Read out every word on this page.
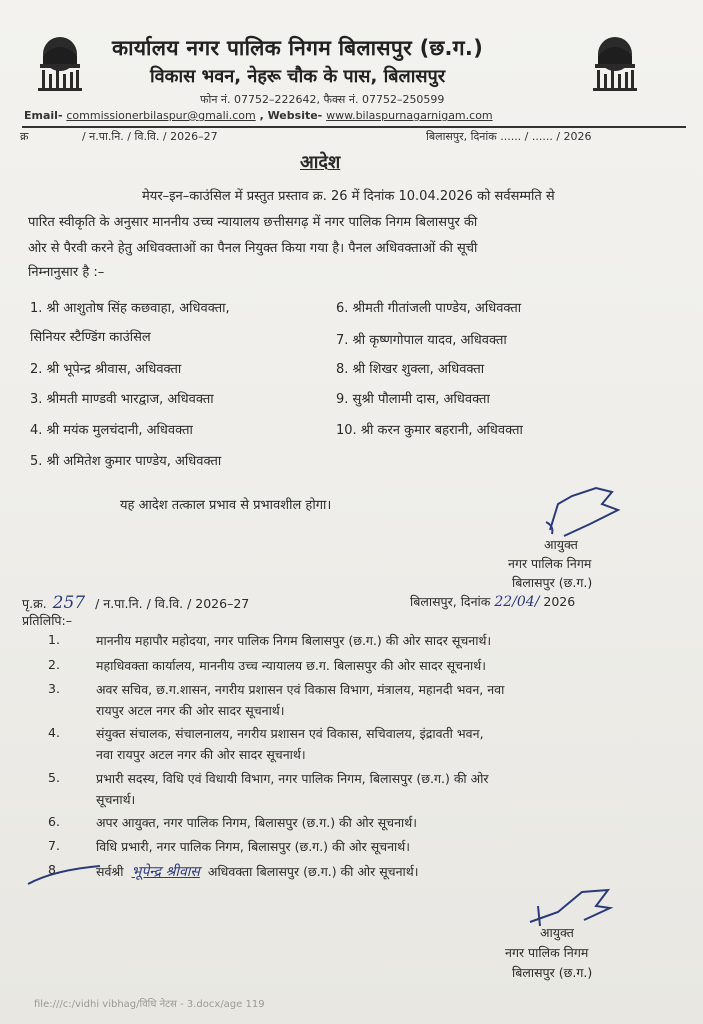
कार्यालय नगर पालिक निगम बिलासपुर (छ.ग.)
विकास भवन, नेहरू चौक के पास, बिलासपुर
फोन नं. 07752–222642, फैक्स नं. 07752–250599
Email- commissionerbilaspur@gmali.com , Website- www.bilaspurnagarnigam.com
क्र	/ न.पा.नि. / वि.वि. / 2026–27	बिलासपुर, दिनांक ...... / ...... / 2026
आदेश
मेयर–इन–काउंसिल में प्रस्तुत प्रस्ताव क्र. 26 में दिनांक 10.04.2026 को सर्वसम्मति से
पारित स्वीकृति के अनुसार माननीय उच्च न्यायालय छत्तीसगढ़ में नगर पालिक निगम बिलासपुर की
ओर से पैरवी करने हेतु अधिवक्ताओं का पैनल नियुक्त किया गया है। पैनल अधिवक्ताओं की सूची
निम्नानुसार है :–
1. श्री आशुतोष सिंह कछवाहा, अधिवक्ता,
सिनियर स्टैण्डिंग काउंसिल
2. श्री भूपेन्द्र श्रीवास, अधिवक्ता
3. श्रीमती माण्डवी भारद्वाज, अधिवक्ता
4. श्री मयंक मुलचंदानी, अधिवक्ता
5. श्री अमितेश कुमार पाण्डेय, अधिवक्ता
6. श्रीमती गीतांजली पाण्डेय, अधिवक्ता
7. श्री कृष्णगोपाल यादव, अधिवक्ता
8. श्री शिखर शुक्ला, अधिवक्ता
9. सुश्री पौलामी दास, अधिवक्ता
10. श्री करन कुमार बहरानी, अधिवक्ता
यह आदेश तत्काल प्रभाव से प्रभावशील होगा।
आयुक्त
नगर पालिक निगम
बिलासपुर (छ.ग.)
पृ.क्र. 257 / न.पा.नि. / वि.वि. / 2026–27	बिलासपुर, दिनांक 22/04/ 2026
प्रतिलिपि:–
1.	माननीय महापौर महोदया, नगर पालिक निगम बिलासपुर (छ.ग.) की ओर सादर सूचनार्थ।
2.	महाधिवक्ता कार्यालय, माननीय उच्च न्यायालय छ.ग. बिलासपुर की ओर सादर सूचनार्थ।
3.	अवर सचिव, छ.ग.शासन, नगरीय प्रशासन एवं विकास विभाग, मंत्रालय, महानदी भवन, नवा
रायपुर अटल नगर की ओर सादर सूचनार्थ।
4.	संयुक्त संचालक, संचालनालय, नगरीय प्रशासन एवं विकास, सचिवालय, इंद्रावती भवन,
नवा रायपुर अटल नगर की ओर सादर सूचनार्थ।
5.	प्रभारी सदस्य, विधि एवं विधायी विभाग, नगर पालिक निगम, बिलासपुर (छ.ग.) की ओर
सूचनार्थ।
6.	अपर आयुक्त, नगर पालिक निगम, बिलासपुर (छ.ग.) की ओर सूचनार्थ।
7.	विधि प्रभारी, नगर पालिक निगम, बिलासपुर (छ.ग.) की ओर सूचनार्थ।
8.	सर्वश्री भूपेन्द्र श्रीवास अधिवक्ता बिलासपुर (छ.ग.) की ओर सूचनार्थ।
आयुक्त
नगर पालिक निगम
बिलासपुर (छ.ग.)
file:///c:/vidhi vibhag/विधि नेटस - 3.docx/age 119
